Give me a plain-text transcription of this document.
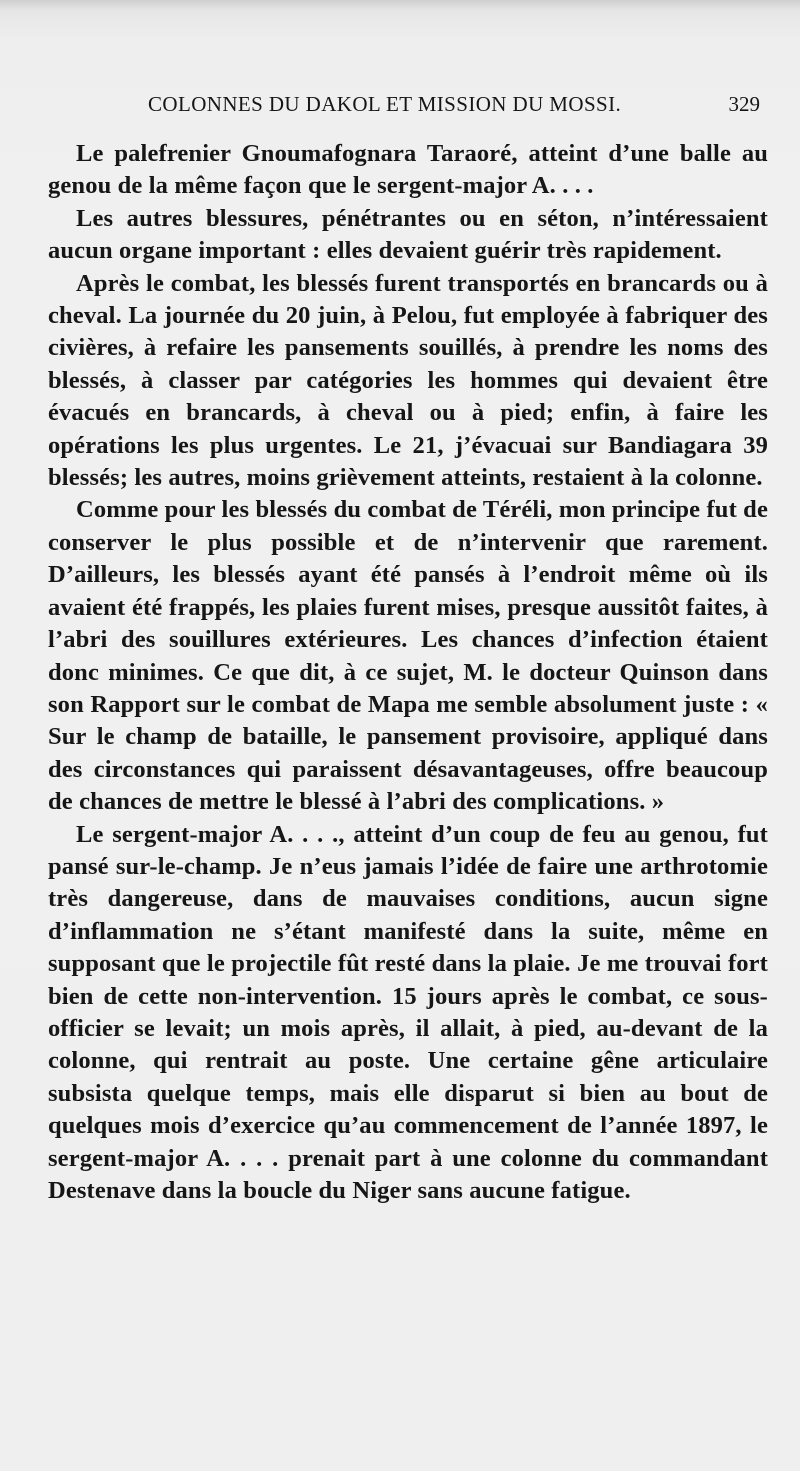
COLONNES DU DAKOL ET MISSION DU MOSSI.	329

Le palefrenier Gnoumafognara Taraoré, atteint d’une balle au genou de la même façon que le sergent-major A. . . .

Les autres blessures, pénétrantes ou en séton, n’intéressaient aucun organe important : elles devaient guérir très rapidement.

Après le combat, les blessés furent transportés en brancards ou à cheval. La journée du 20 juin, à Pelou, fut employée à fabriquer des civières, à refaire les pansements souillés, à prendre les noms des blessés, à classer par catégories les hommes qui devaient être évacués en brancards, à cheval ou à pied; enfin, à faire les opérations les plus urgentes. Le 21, j’évacuai sur Bandiagara 39 blessés; les autres, moins grièvement atteints, restaient à la colonne.

Comme pour les blessés du combat de Téréli, mon principe fut de conserver le plus possible et de n’intervenir que rarement. D’ailleurs, les blessés ayant été pansés à l’endroit même où ils avaient été frappés, les plaies furent mises, presque aussitôt faites, à l’abri des souillures extérieures. Les chances d’infection étaient donc minimes. Ce que dit, à ce sujet, M. le docteur Quinson dans son Rapport sur le combat de Mapa me semble absolument juste : « Sur le champ de bataille, le pansement provisoire, appliqué dans des circonstances qui paraissent désavantageuses, offre beaucoup de chances de mettre le blessé à l’abri des complications. »

Le sergent-major A. . . ., atteint d’un coup de feu au genou, fut pansé sur-le-champ. Je n’eus jamais l’idée de faire une arthrotomie très dangereuse, dans de mauvaises conditions, aucun signe d’inflammation ne s’étant manifesté dans la suite, même en supposant que le projectile fût resté dans la plaie. Je me trouvai fort bien de cette non-intervention. 15 jours après le combat, ce sous-officier se levait; un mois après, il allait, à pied, au-devant de la colonne, qui rentrait au poste. Une certaine gêne articulaire subsista quelque temps, mais elle disparut si bien au bout de quelques mois d’exercice qu’au commencement de l’année 1897, le sergent-major A. . . . prenait part à une colonne du commandant Destenave dans la boucle du Niger sans aucune fatigue.
